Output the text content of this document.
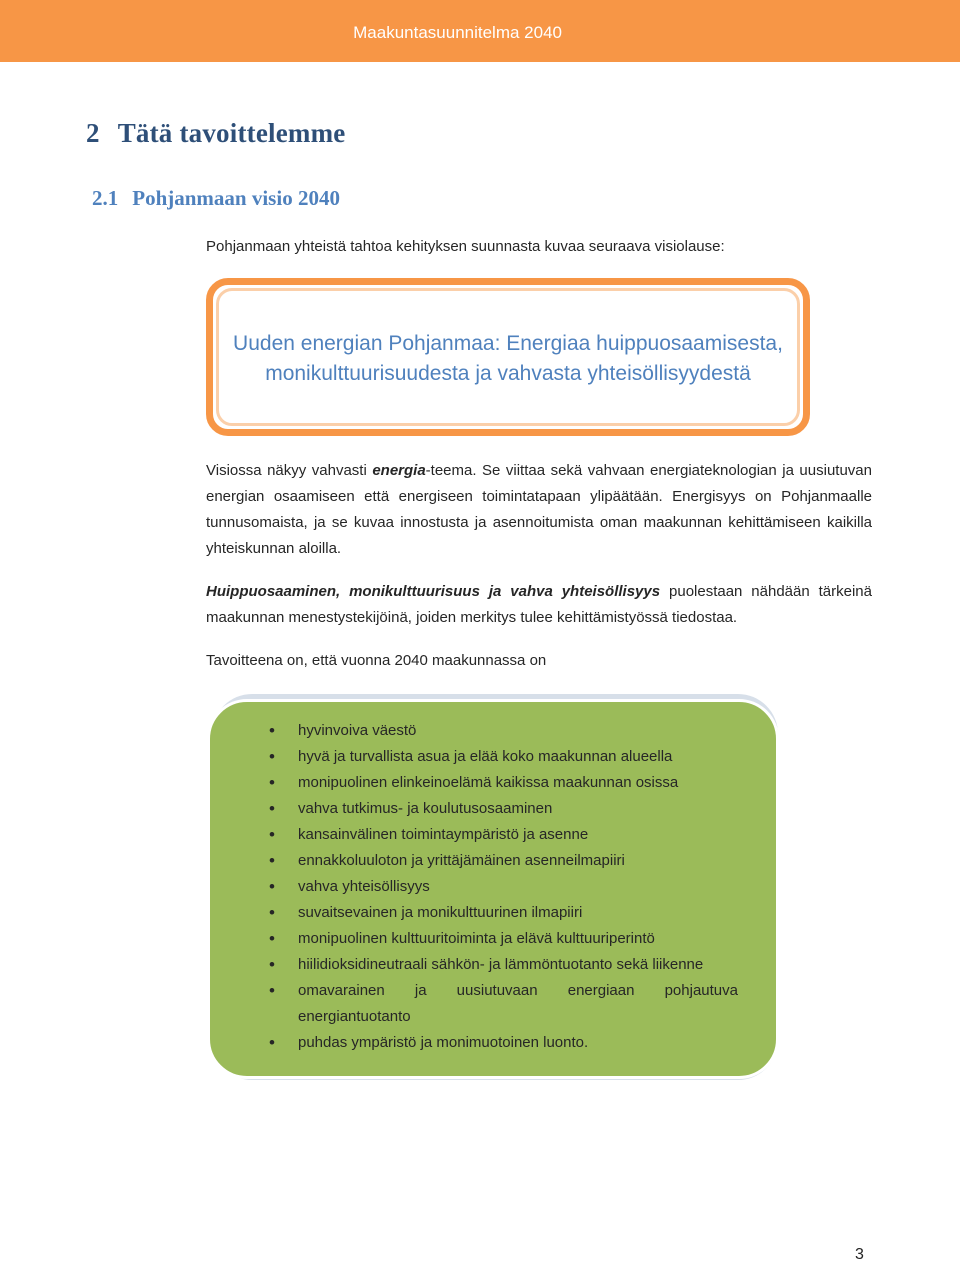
Maakuntasuunnitelma 2040
2 Tätä tavoittelemme
2.1 Pohjanmaan visio 2040
Pohjanmaan yhteistä tahtoa kehityksen suunnasta kuvaa seuraava visiolause:
Uuden energian Pohjanmaa: Energiaa huippuosaamisesta,
monikulttuurisuudesta ja vahvasta yhteisöllisyydestä
Visiossa näkyy vahvasti energia-teema. Se viittaa sekä vahvaan energiateknologian ja uusiutuvan energian osaamiseen että energiseen toimintatapaan ylipäätään. Energisyys on Pohjanmaalle tunnusomaista, ja se kuvaa innostusta ja asennoitumista oman maakunnan kehittämiseen kaikilla yhteiskunnan aloilla.
Huippuosaaminen, monikulttuurisuus ja vahva yhteisöllisyys puolestaan nähdään tärkeinä maakunnan menestystekijöinä, joiden merkitys tulee kehittämistyössä tiedostaa.
Tavoitteena on, että vuonna 2040 maakunnassa on
• hyvinvoiva väestö
• hyvä ja turvallista asua ja elää koko maakunnan alueella
• monipuolinen elinkeinoelämä kaikissa maakunnan osissa
• vahva tutkimus- ja koulutusosaaminen
• kansainvälinen toimintaympäristö ja asenne
• ennakkoluuloton ja yrittäjämäinen asenneilmapiiri
• vahva yhteisöllisyys
• suvaitsevainen ja monikulttuurinen ilmapiiri
• monipuolinen kulttuuritoiminta ja elävä kulttuuriperintö
• hiilidioksidineutraali sähkön- ja lämmöntuotanto sekä liikenne
• omavarainen ja uusiutuvaan energiaan pohjautuva energiantuotanto
• puhdas ympäristö ja monimuotoinen luonto.
3
